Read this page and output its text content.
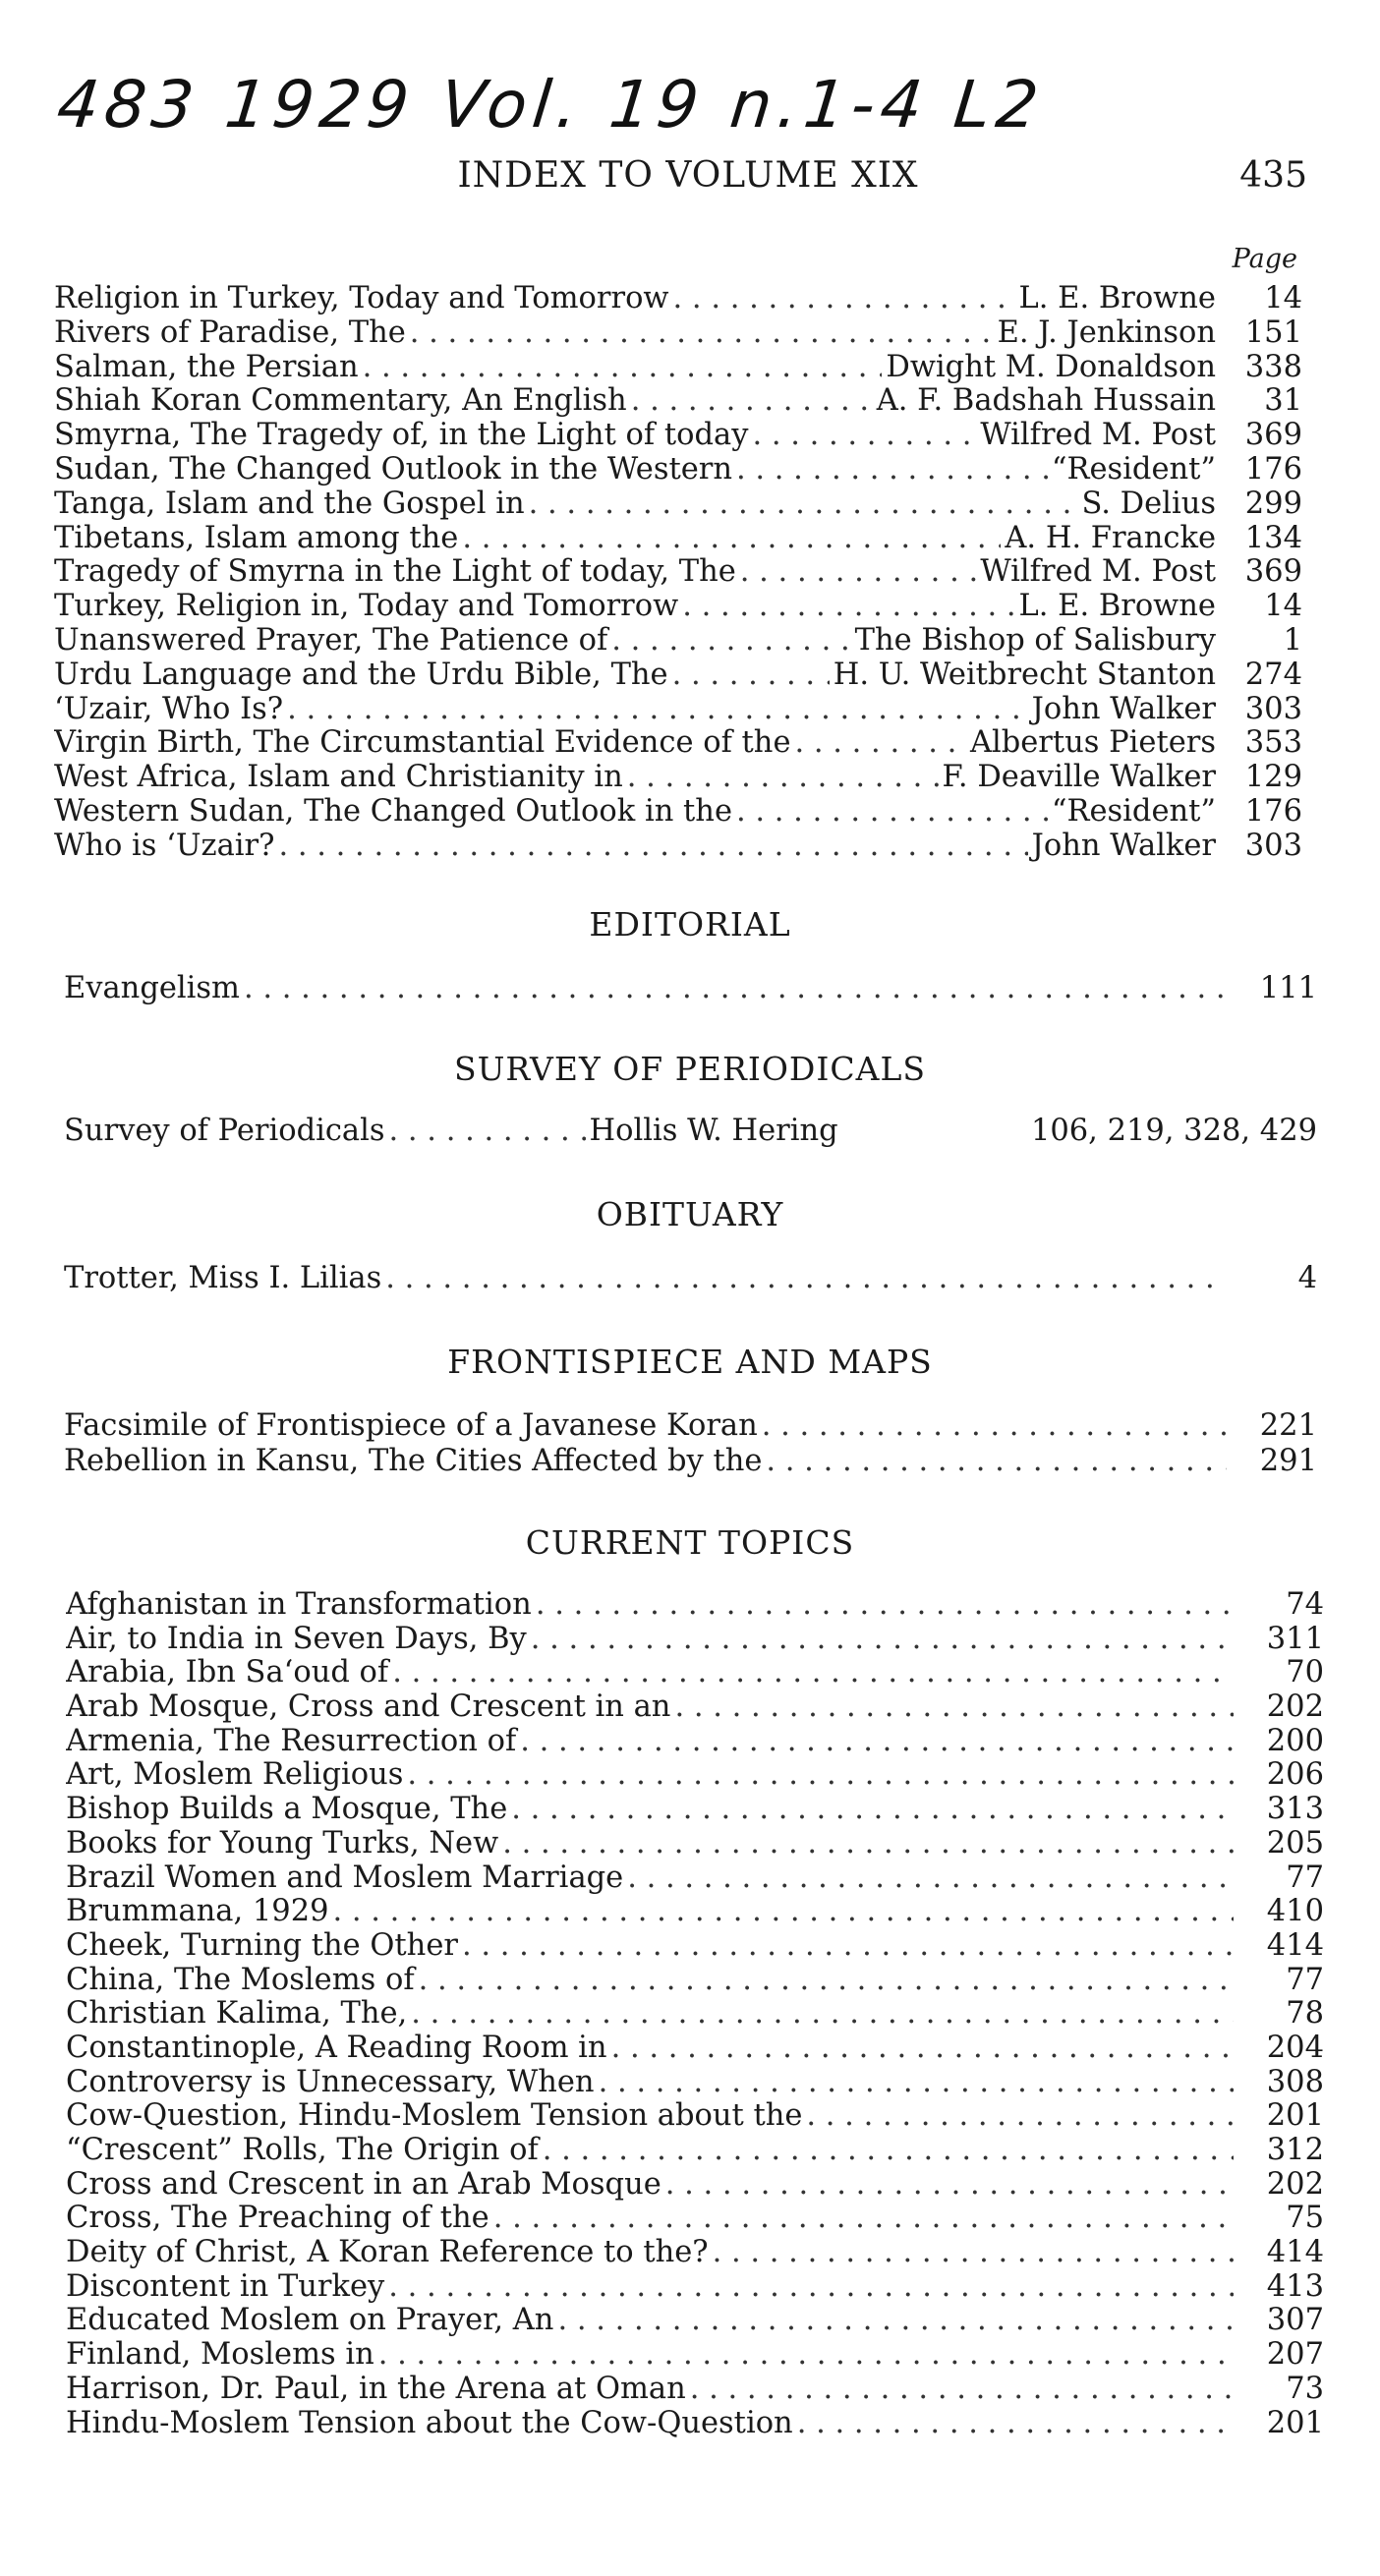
483 1929 Vol. 19 n.1-4 L2
INDEX TO VOLUME XIX	435
Page
Religion in Turkey, Today and Tomorrow . . .	L. E. Browne	14
Rivers of Paradise, The . . .	E. J. Jenkinson 151
Salman, the Persian . . .	Dwight M. Donaldson 338
Shiah Koran Commentary, An English . . .	A. F. Badshah Hussain	31
Smyrna, The Tragedy of, in the Light of today . . .	Wilfred M. Post 369
Sudan, The Changed Outlook in the Western . . .	“Resident” 176
Tanga, Islam and the Gospel in . . .	S. Delius 299
Tibetans, Islam among the . . .	A. H. Francke 134
Tragedy of Smyrna in the Light of today, The . . .	Wilfred M. Post 369
Turkey, Religion in, Today and Tomorrow . . .	L. E. Browne	14
Unanswered Prayer, The Patience of . . .	The Bishop of Salisbury	1
Urdu Language and the Urdu Bible, The . . .	H. U. Weitbrecht Stanton 274
‘Uzair, Who Is? . . .	John Walker 303
Virgin Birth, The Circumstantial Evidence of the . . .	Albertus Pieters 353
West Africa, Islam and Christianity in . . .	F. Deaville Walker 129
Western Sudan, The Changed Outlook in the . . .	“Resident” 176
Who is ‘Uzair? . . .	John Walker 303
EDITORIAL
Evangelism . . .	111
SURVEY OF PERIODICALS
Survey of Periodicals . . .	Hollis W. Hering	106, 219, 328, 429
OBITUARY
Trotter, Miss I. Lilias . . .	4
FRONTISPIECE AND MAPS
Facsimile of Frontispiece of a Javanese Koran . . .	221
Rebellion in Kansu, The Cities Affected by the . . .	291
CURRENT TOPICS
Afghanistan in Transformation . . .	74
Air, to India in Seven Days, By . . .	311
Arabia, Ibn Sa‘oud of . . .	70
Arab Mosque, Cross and Crescent in an . . .	202
Armenia, The Resurrection of . . .	200
Art, Moslem Religious . . .	206
Bishop Builds a Mosque, The . . .	313
Books for Young Turks, New . . .	205
Brazil Women and Moslem Marriage . . .	77
Brummana, 1929 . . .	410
Cheek, Turning the Other . . .	414
China, The Moslems of . . .	77
Christian Kalima, The, . . .	78
Constantinople, A Reading Room in . . .	204
Controversy is Unnecessary, When . . .	308
Cow-Question, Hindu-Moslem Tension about the . . .	201
“Crescent” Rolls, The Origin of . . .	312
Cross and Crescent in an Arab Mosque . . .	202
Cross, The Preaching of the . . .	75
Deity of Christ, A Koran Reference to the? . . .	414
Discontent in Turkey . . .	413
Educated Moslem on Prayer, An . . .	307
Finland, Moslems in . . .	207
Harrison, Dr. Paul, in the Arena at Oman . . .	73
Hindu-Moslem Tension about the Cow-Question . . .	201
